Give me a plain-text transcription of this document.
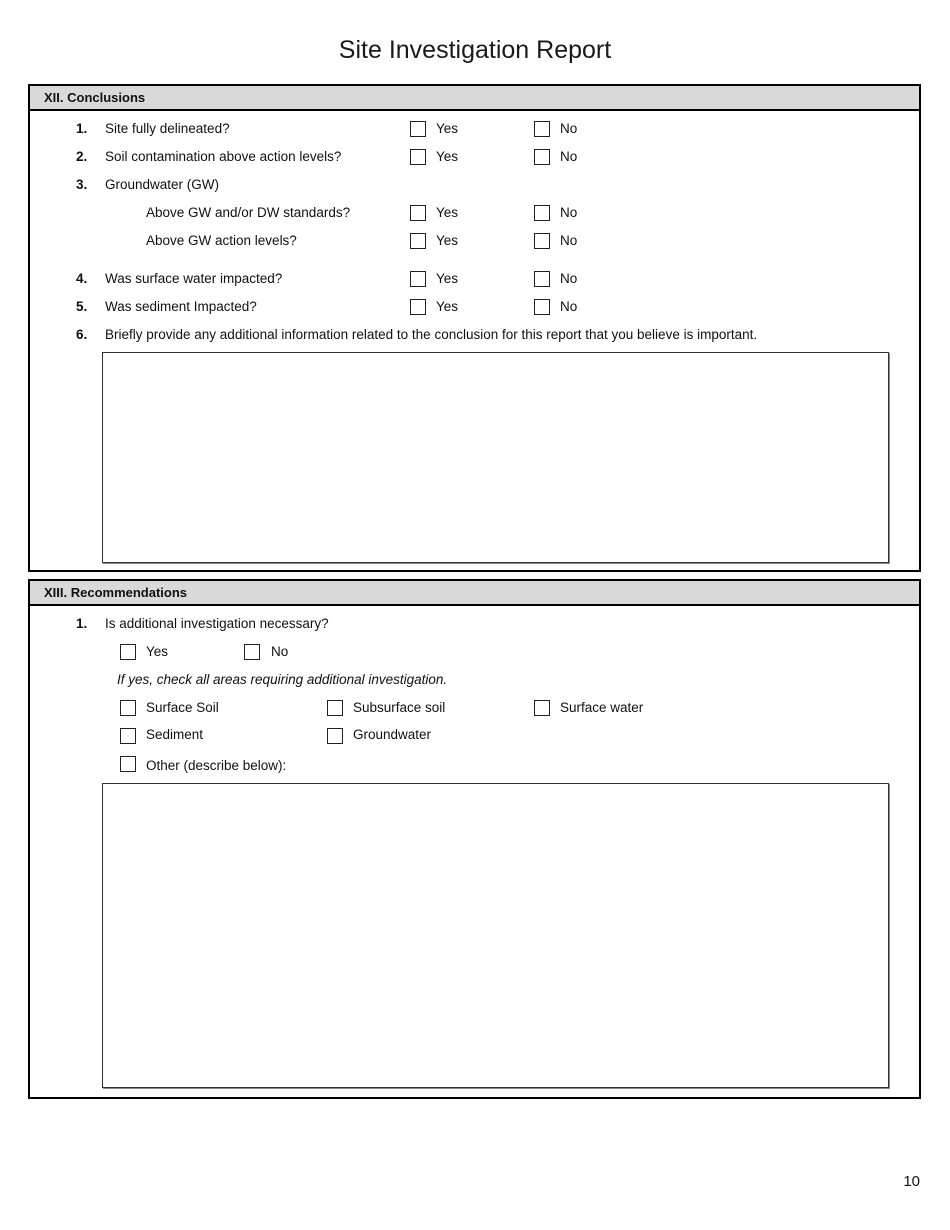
Site Investigation Report
XII. Conclusions
1. Site fully delineated?	Yes	No
2. Soil contamination above action levels?	Yes	No
3. Groundwater (GW)
Above GW and/or DW standards?	Yes	No
Above GW action levels?	Yes	No
4. Was surface water impacted?	Yes	No
5. Was sediment Impacted?	Yes	No
6. Briefly provide any additional information related to the conclusion for this report that you believe is important.
XIII. Recommendations
1. Is additional investigation necessary?
Yes	No
If yes, check all areas requiring additional investigation.
Surface Soil	Subsurface soil	Surface water
Sediment	Groundwater
Other (describe below):
10
